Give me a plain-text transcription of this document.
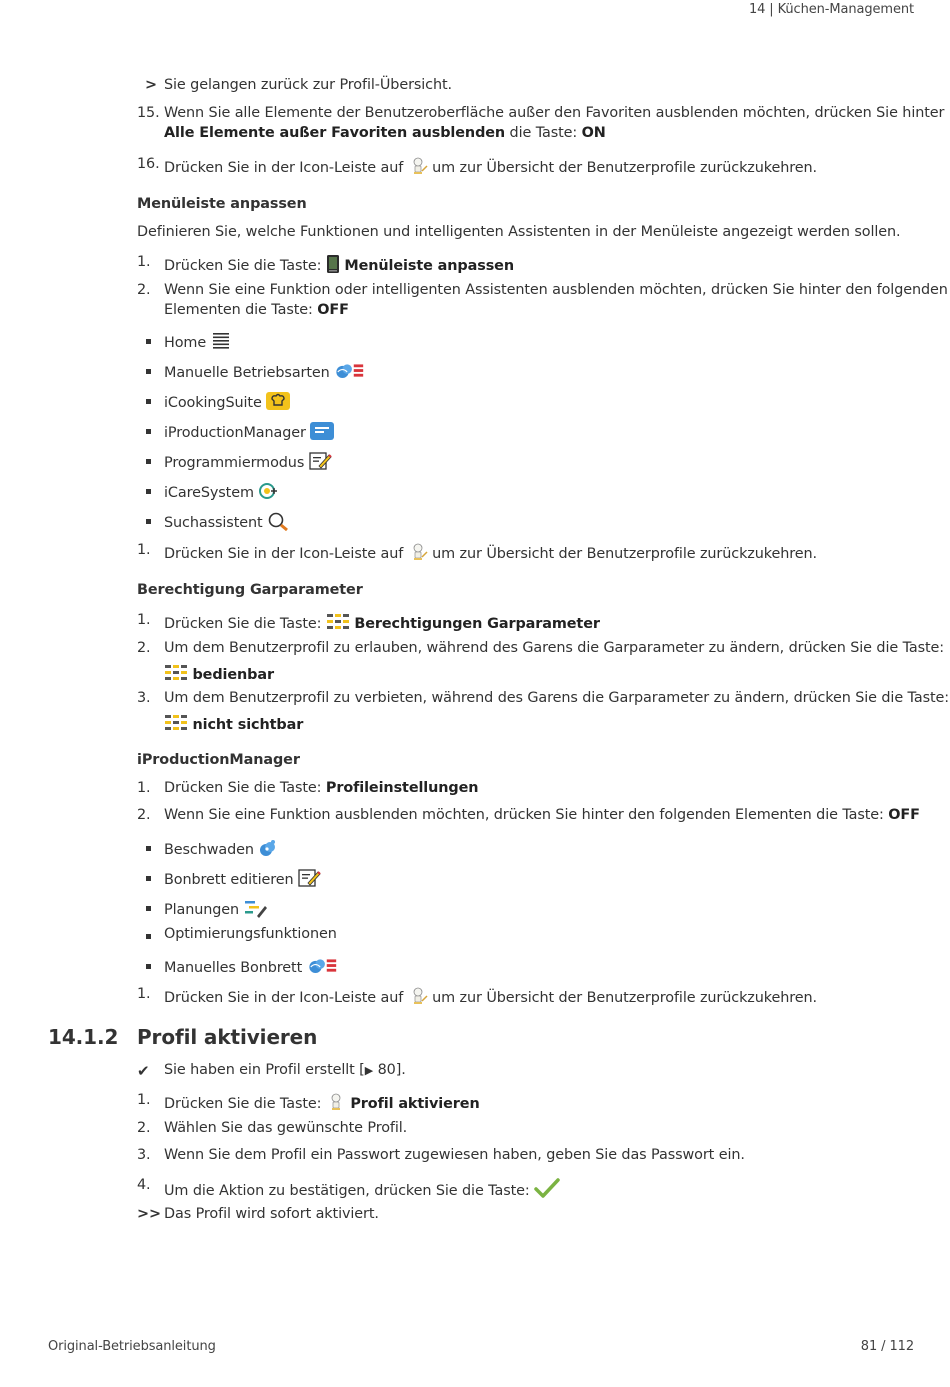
14 | Küchen-Management
> Sie gelangen zurück zur Profil-Übersicht.
15. Wenn Sie alle Elemente der Benutzeroberfläche außer den Favoriten ausblenden möchten, drücken Sie hinter
Alle Elemente außer Favoriten ausblenden die Taste: ON
16. Drücken Sie in der Icon-Leiste auf  um zur Übersicht der Benutzerprofile zurückzukehren.
Menüleiste anpassen
Definieren Sie, welche Funktionen und intelligenten Assistenten in der Menüleiste angezeigt werden sollen.
1. Drücken Sie die Taste:  Menüleiste anpassen
2. Wenn Sie eine Funktion oder intelligenten Assistenten ausblenden möchten, drücken Sie hinter den folgenden
Elementen die Taste: OFF
Home
Manuelle Betriebsarten
iCookingSuite
iProductionManager
Programmiermodus
iCareSystem
Suchassistent
1. Drücken Sie in der Icon-Leiste auf  um zur Übersicht der Benutzerprofile zurückzukehren.
Berechtigung Garparameter
1. Drücken Sie die Taste:  Berechtigungen Garparameter
2. Um dem Benutzerprofil zu erlauben, während des Garens die Garparameter zu ändern, drücken Sie die Taste:
bedienbar
3. Um dem Benutzerprofil zu verbieten, während des Garens die Garparameter zu ändern, drücken Sie die Taste:
nicht sichtbar
iProductionManager
1. Drücken Sie die Taste: Profileinstellungen
2. Wenn Sie eine Funktion ausblenden möchten, drücken Sie hinter den folgenden Elementen die Taste: OFF
Beschwaden
Bonbrett editieren
Planungen
Optimierungsfunktionen
Manuelles Bonbrett
1. Drücken Sie in der Icon-Leiste auf  um zur Übersicht der Benutzerprofile zurückzukehren.
14.1.2 Profil aktivieren
✔ Sie haben ein Profil erstellt [▶ 80].
1. Drücken Sie die Taste:  Profil aktivieren
2. Wählen Sie das gewünschte Profil.
3. Wenn Sie dem Profil ein Passwort zugewiesen haben, geben Sie das Passwort ein.
4. Um die Aktion zu bestätigen, drücken Sie die Taste:
>> Das Profil wird sofort aktiviert.
Original-Betriebsanleitung	81 / 112
